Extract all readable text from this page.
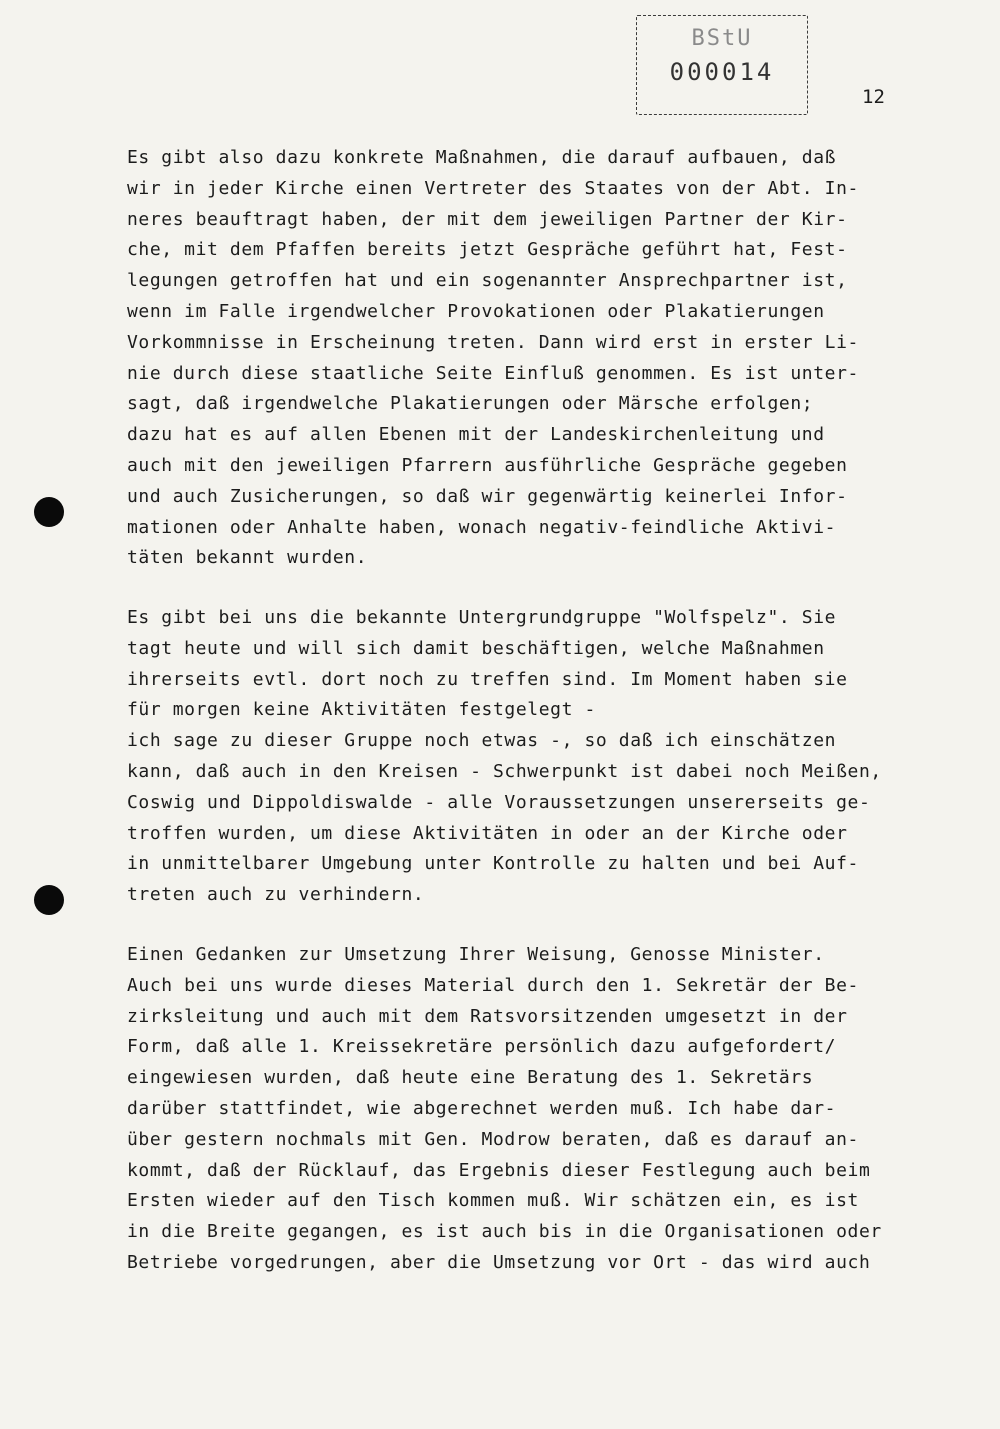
BStU
000014
12
Es gibt also dazu konkrete Maßnahmen, die darauf aufbauen, daß
wir in jeder Kirche einen Vertreter des Staates von der Abt. In-
neres beauftragt haben, der mit dem jeweiligen Partner der Kir-
che, mit dem Pfaffen bereits jetzt Gespräche geführt hat, Fest-
legungen getroffen hat und ein sogenannter Ansprechpartner ist,
wenn im Falle irgendwelcher Provokationen oder Plakatierungen
Vorkommnisse in Erscheinung treten. Dann wird erst in erster Li-
nie durch diese staatliche Seite Einfluß genommen. Es ist unter-
sagt, daß irgendwelche Plakatierungen oder Märsche erfolgen;
dazu hat es auf allen Ebenen mit der Landeskirchenleitung und
auch mit den jeweiligen Pfarrern ausführliche Gespräche gegeben
und auch Zusicherungen, so daß wir gegenwärtig keinerlei Infor-
mationen oder Anhalte haben, wonach negativ-feindliche Aktivi-
täten bekannt wurden.
Es gibt bei uns die bekannte Untergrundgruppe "Wolfspelz". Sie
tagt heute und will sich damit beschäftigen, welche Maßnahmen
ihrerseits evtl. dort noch zu treffen sind. Im Moment haben sie
für morgen keine Aktivitäten festgelegt -
ich sage zu dieser Gruppe noch etwas -, so daß ich einschätzen
kann, daß auch in den Kreisen - Schwerpunkt ist dabei noch Meißen,
Coswig und Dippoldiswalde - alle Voraussetzungen unsererseits ge-
troffen wurden, um diese Aktivitäten in oder an der Kirche oder
in unmittelbarer Umgebung unter Kontrolle zu halten und bei Auf-
treten auch zu verhindern.
Einen Gedanken zur Umsetzung Ihrer Weisung, Genosse Minister.
Auch bei uns wurde dieses Material durch den 1. Sekretär der Be-
zirksleitung und auch mit dem Ratsvorsitzenden umgesetzt in der
Form, daß alle 1. Kreissekretäre persönlich dazu aufgefordert/
eingewiesen wurden, daß heute eine Beratung des 1. Sekretärs
darüber stattfindet, wie abgerechnet werden muß. Ich habe dar-
über gestern nochmals mit Gen. Modrow beraten, daß es darauf an-
kommt, daß der Rücklauf, das Ergebnis dieser Festlegung auch beim
Ersten wieder auf den Tisch kommen muß. Wir schätzen ein, es ist
in die Breite gegangen, es ist auch bis in die Organisationen oder
Betriebe vorgedrungen, aber die Umsetzung vor Ort - das wird auch
